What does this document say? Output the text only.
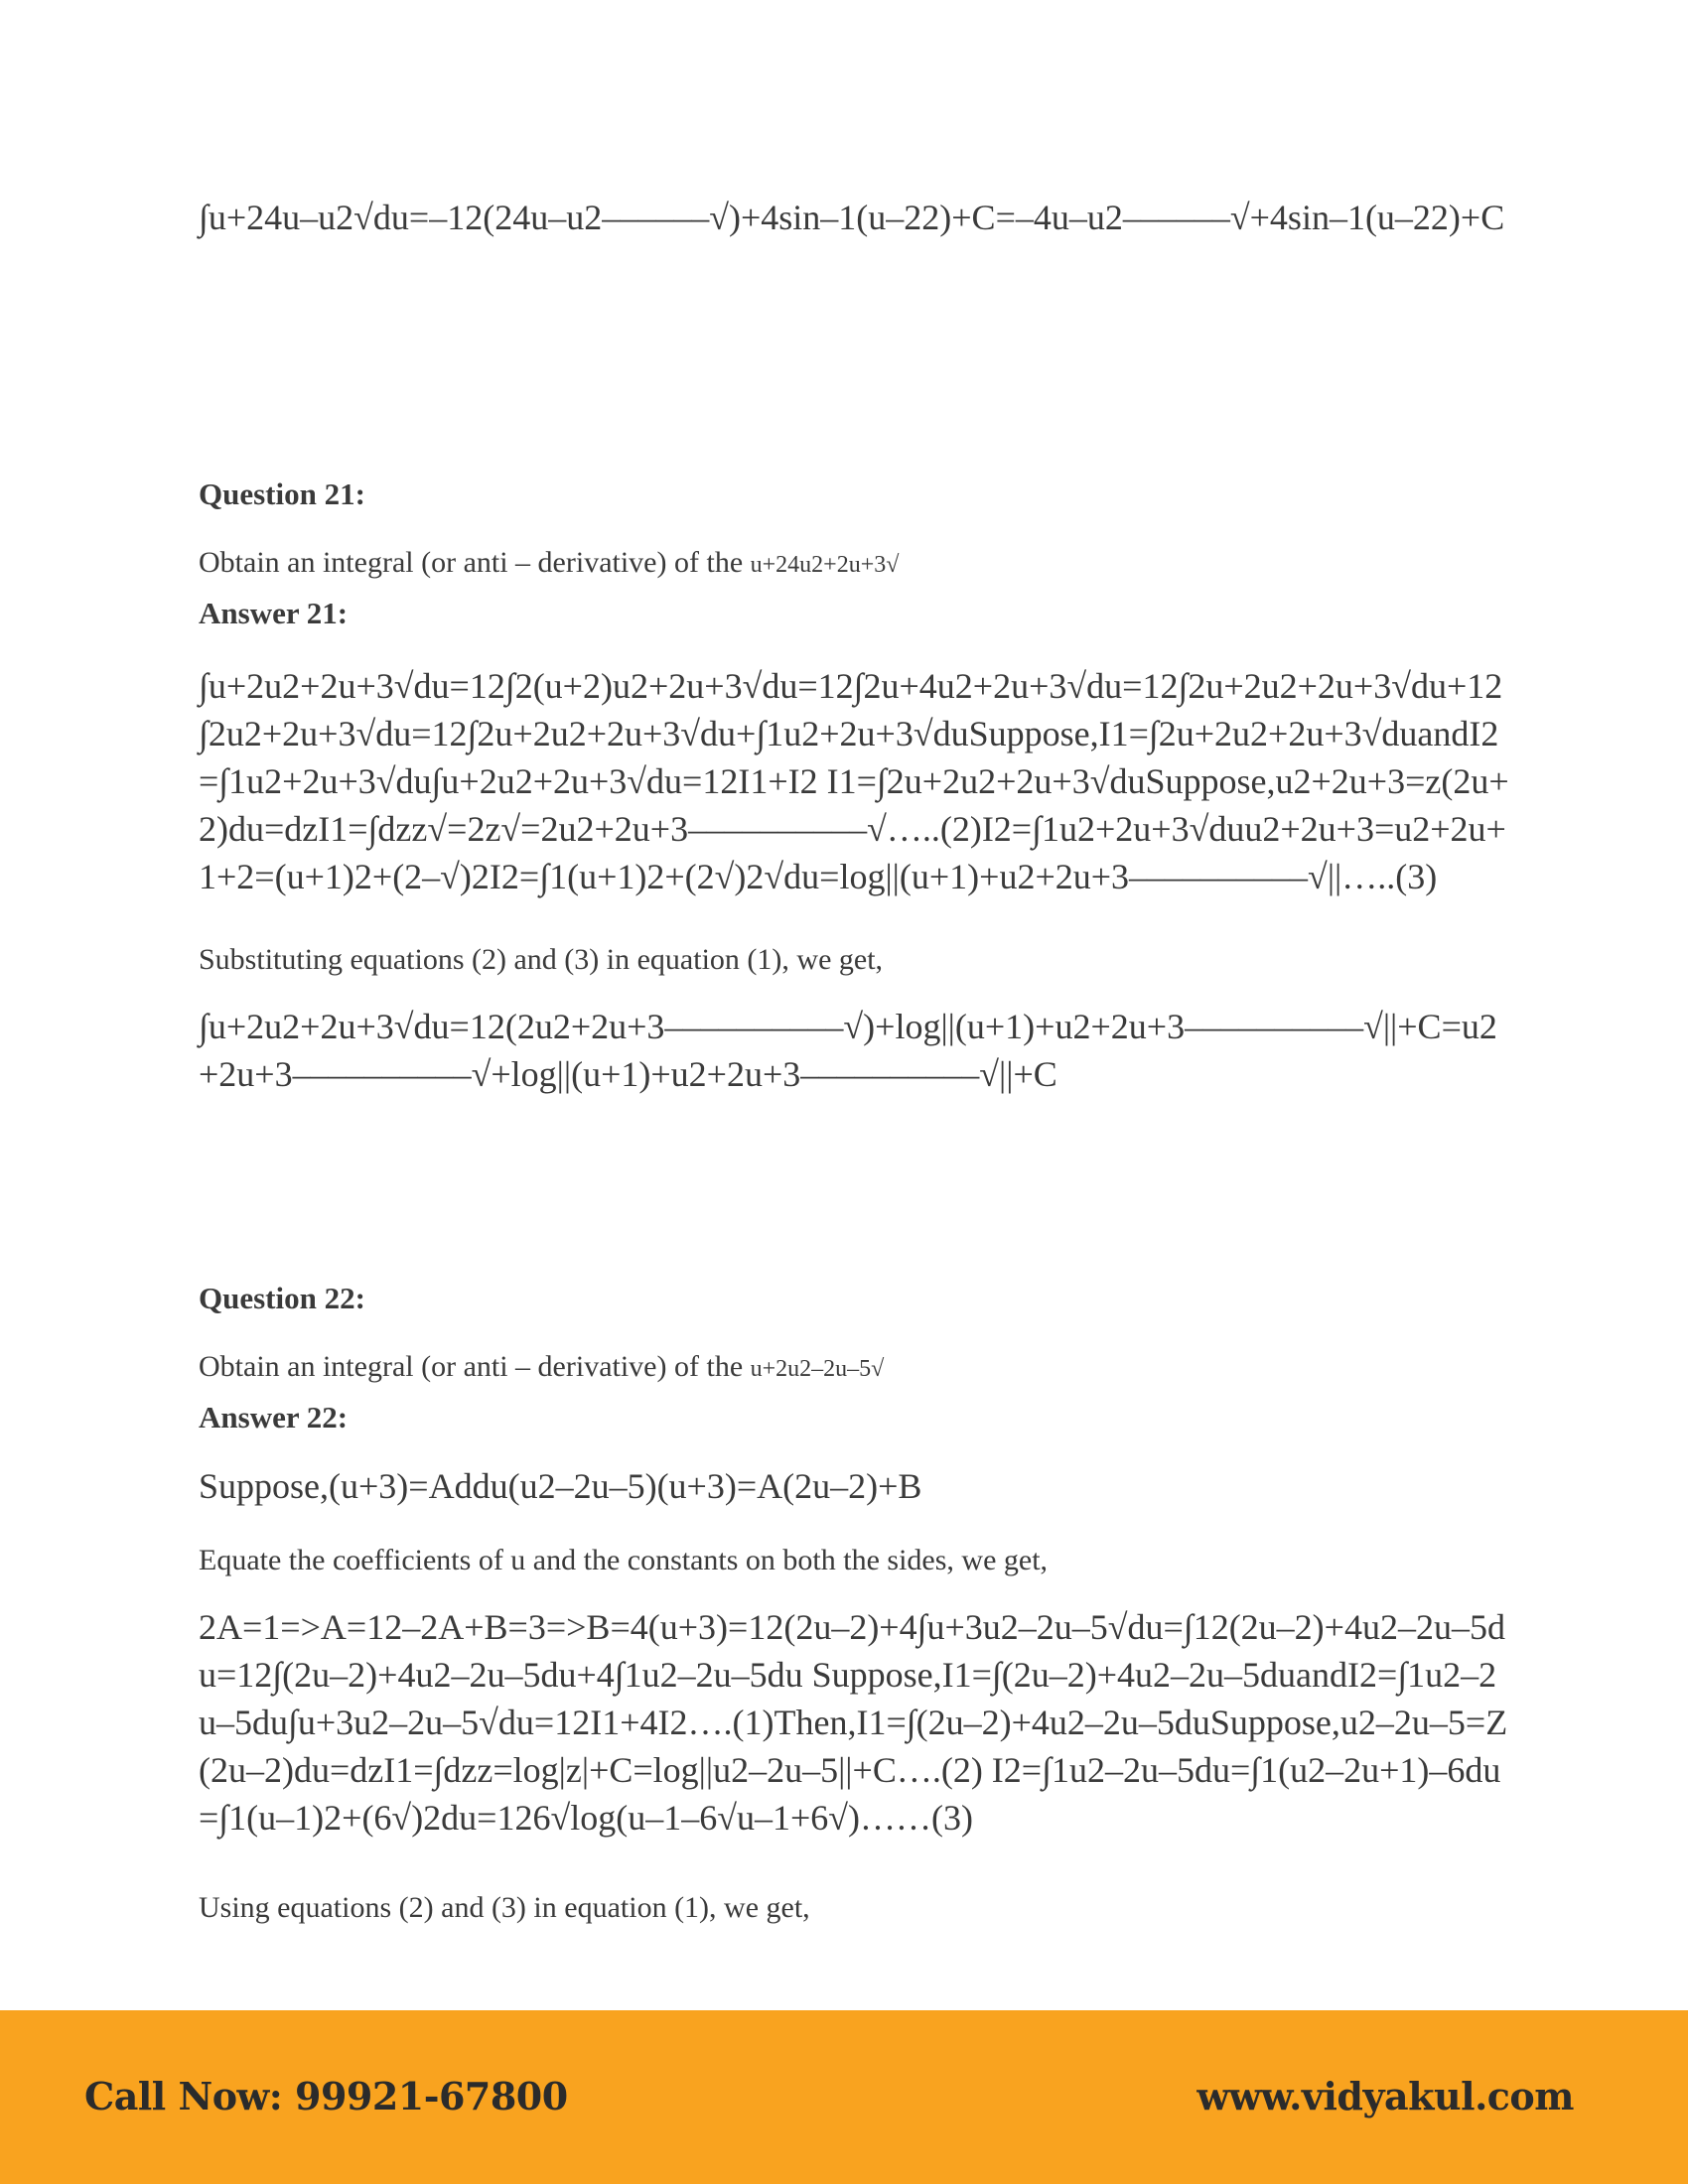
∫u+24u–u2√du=–12(24u–u2––––––√)+4sin–1(u–22)+C=–4u–u2––––––√+4sin–1(u–22)+C

Question 21:

Obtain an integral (or anti – derivative) of the u+24u2+2u+3√

Answer 21:

∫u+2u2+2u+3√du=12∫2(u+2)u2+2u+3√du=12∫2u+4u2+2u+3√du=12∫2u+2u2+2u+3√du+12∫2u2+2u+3√du=12∫2u+2u2+2u+3√du+∫1u2+2u+3√duSuppose,I1=∫2u+2u2+2u+3√duandI2=∫1u2+2u+3√du∫u+2u2+2u+3√du=12I1+I2 I1=∫2u+2u2+2u+3√duSuppose,u2+2u+3=z(2u+2)du=dzI1=∫dzz√=2z√=2u2+2u+3––––––––––√…..(2)I2=∫1u2+2u+3√duu2+2u+3=u2+2u+1+2=(u+1)2+(2–√)2I2=∫1(u+1)2+(2√)2√du=log||(u+1)+u2+2u+3––––––––––√||…..(3)

Substituting equations (2) and (3) in equation (1), we get,

∫u+2u2+2u+3√du=12(2u2+2u+3––––––––––√)+log||(u+1)+u2+2u+3––––––––––√||+C=u2+2u+3––––––––––√+log||(u+1)+u2+2u+3––––––––––√||+C

Question 22:

Obtain an integral (or anti – derivative) of the u+2u2–2u–5√

Answer 22:

Suppose,(u+3)=Addu(u2–2u–5)(u+3)=A(2u–2)+B

Equate the coefficients of u and the constants on both the sides, we get,

2A=1=>A=12–2A+B=3=>B=4(u+3)=12(2u–2)+4∫u+3u2–2u–5√du=∫12(2u–2)+4u2–2u–5du=12∫(2u–2)+4u2–2u–5du+4∫1u2–2u–5du Suppose,I1=∫(2u–2)+4u2–2u–5duandI2=∫1u2–2u–5du∫u+3u2–2u–5√du=12I1+4I2….(1)Then,I1=∫(2u–2)+4u2–2u–5duSuppose,u2–2u–5=Z(2u–2)du=dzI1=∫dzz=log|z|+C=log||u2–2u–5||+C….(2) I2=∫1u2–2u–5du=∫1(u2–2u+1)–6du=∫1(u–1)2+(6√)2du=126√log(u–1–6√u–1+6√)……(3)

Using equations (2) and (3) in equation (1), we get,

Call Now: 99921-67800	www.vidyakul.com
